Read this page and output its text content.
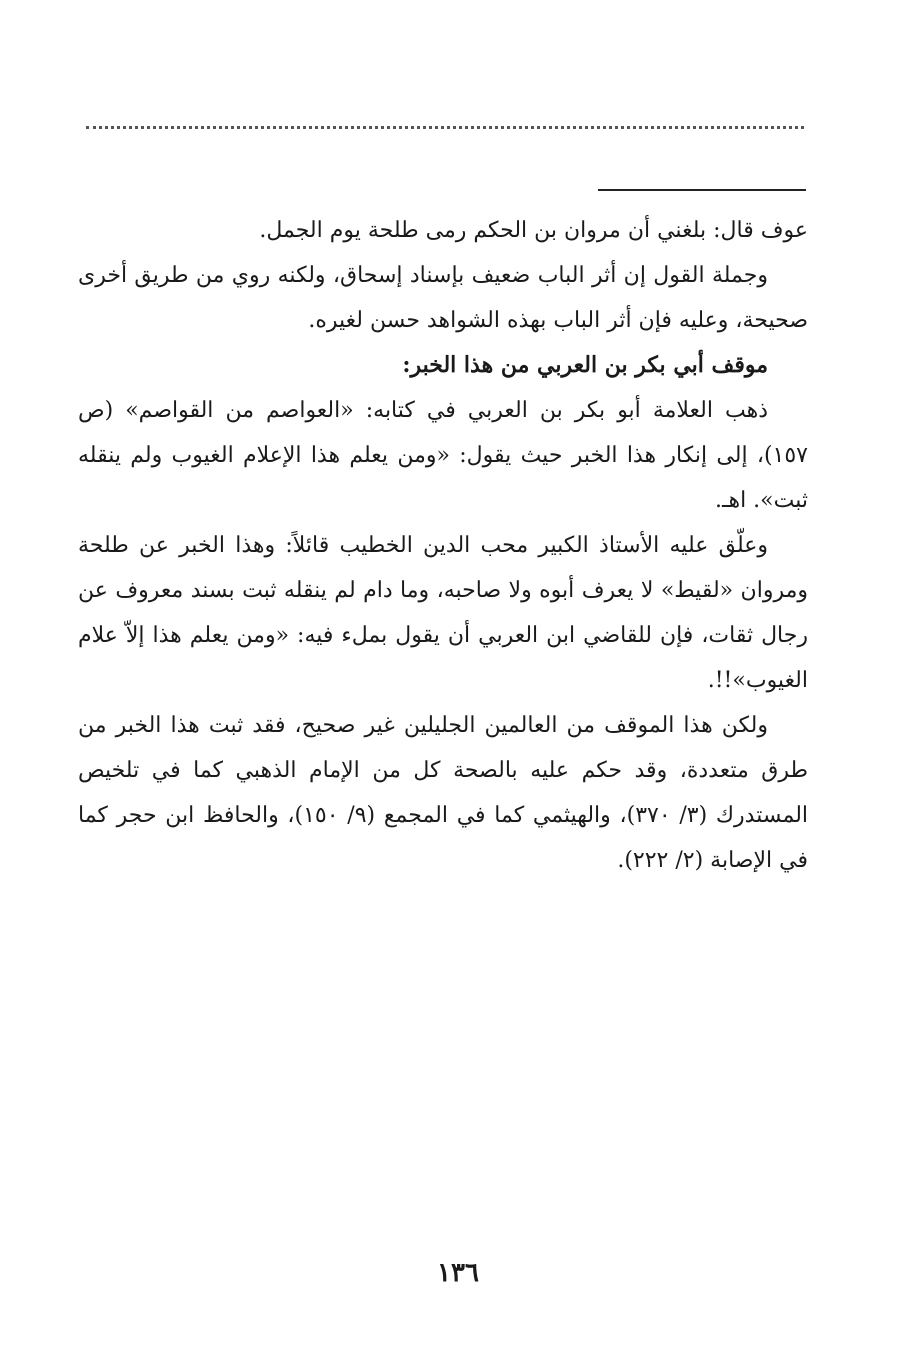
عوف قال: بلغني أن مروان بن الحكم رمى طلحة يوم الجمل.

وجملة القول إن أثر الباب ضعيف بإسناد إسحاق، ولكنه روي من طريق أخرى صحيحة، وعليه فإن أثر الباب بهذه الشواهد حسن لغيره.

موقف أبي بكر بن العربي من هذا الخبر:

ذهب العلامة أبو بكر بن العربي في كتابه: «العواصم من القواصم» (ص ١٥٧)، إلى إنكار هذا الخبر حيث يقول: «ومن يعلم هذا الإعلام الغيوب ولم ينقله ثبت». اهـ.

وعلّق عليه الأستاذ الكبير محب الدين الخطيب قائلاً: وهذا الخبر عن طلحة ومروان «لقيط» لا يعرف أبوه ولا صاحبه، وما دام لم ينقله ثبت بسند معروف عن رجال ثقات، فإن للقاضي ابن العربي أن يقول بملء فيه: «ومن يعلم هذا إلاّ علام الغيوب»!!.

ولكن هذا الموقف من العالمين الجليلين غير صحيح، فقد ثبت هذا الخبر من طرق متعددة، وقد حكم عليه بالصحة كل من الإمام الذهبي كما في تلخيص المستدرك (٣/ ٣٧٠)، والهيثمي كما في المجمع (٩/ ١٥٠)، والحافظ ابن حجر كما في الإصابة (٢/ ٢٢٢).

١٣٦
